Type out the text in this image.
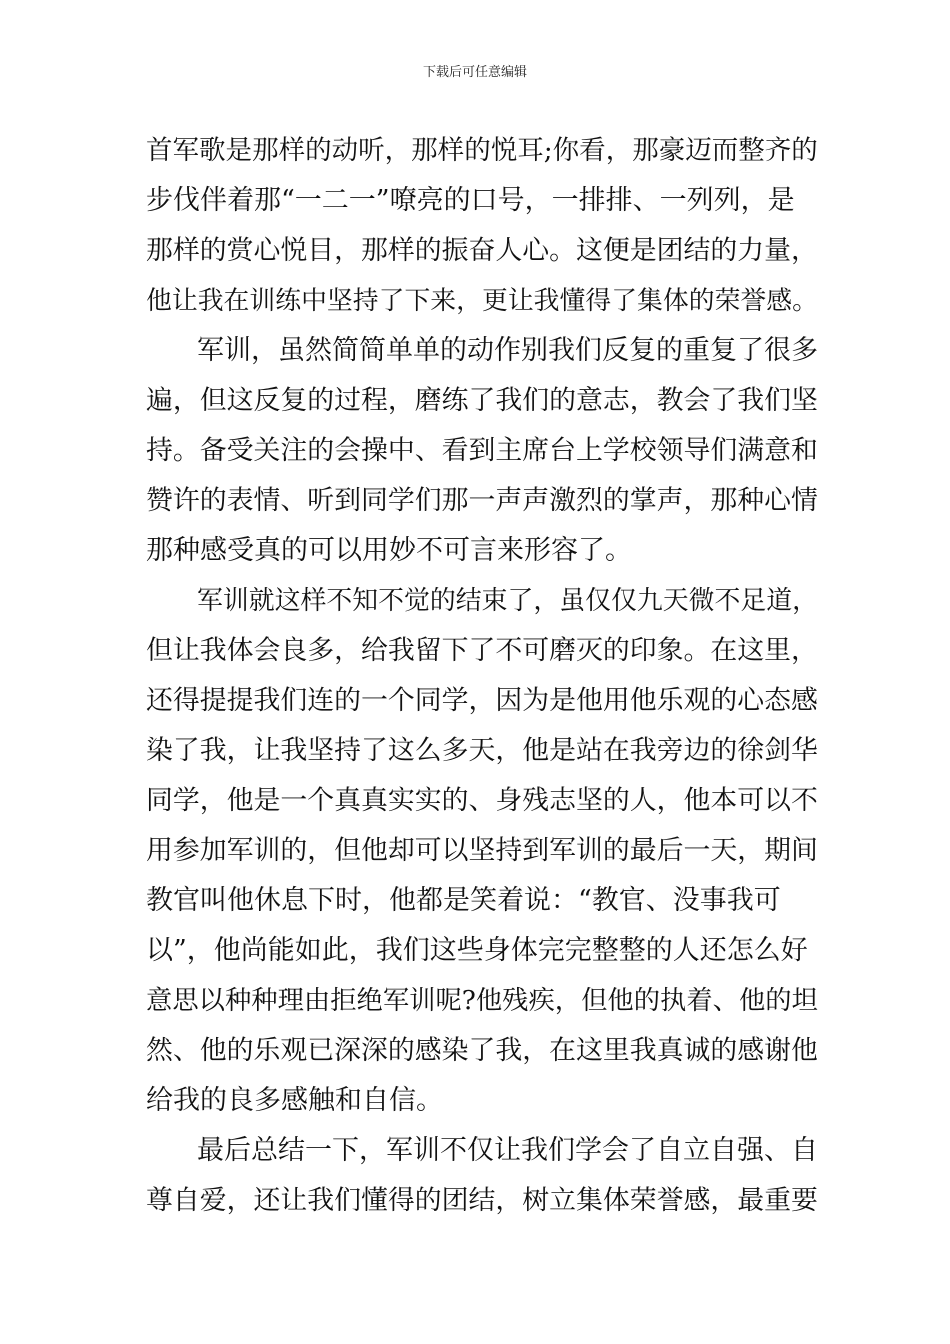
下载后可任意编辑
首军歌是那样的动听，那样的悦耳;你看，那豪迈而整齐的
步伐伴着那“一二一”嘹亮的口号，一排排、一列列，是
那样的赏心悦目，那样的振奋人心。这便是团结的力量，
他让我在训练中坚持了下来，更让我懂得了集体的荣誉感。
军训，虽然简简单单的动作别我们反复的重复了很多
遍，但这反复的过程，磨练了我们的意志，教会了我们坚
持。备受关注的会操中、看到主席台上学校领导们满意和
赞许的表情、听到同学们那一声声激烈的掌声，那种心情
那种感受真的可以用妙不可言来形容了。
军训就这样不知不觉的结束了，虽仅仅九天微不足道，
但让我体会良多，给我留下了不可磨灭的印象。在这里，
还得提提我们连的一个同学，因为是他用他乐观的心态感
染了我，让我坚持了这么多天，他是站在我旁边的徐剑华
同学，他是一个真真实实的、身残志坚的人，他本可以不
用参加军训的，但他却可以坚持到军训的最后一天，期间
教官叫他休息下时，他都是笑着说：“教官、没事我可
以”，他尚能如此，我们这些身体完完整整的人还怎么好
意思以种种理由拒绝军训呢?他残疾，但他的执着、他的坦
然、他的乐观已深深的感染了我，在这里我真诚的感谢他
给我的良多感触和自信。
最后总结一下，军训不仅让我们学会了自立自强、自
尊自爱，还让我们懂得的团结，树立集体荣誉感，最重要
